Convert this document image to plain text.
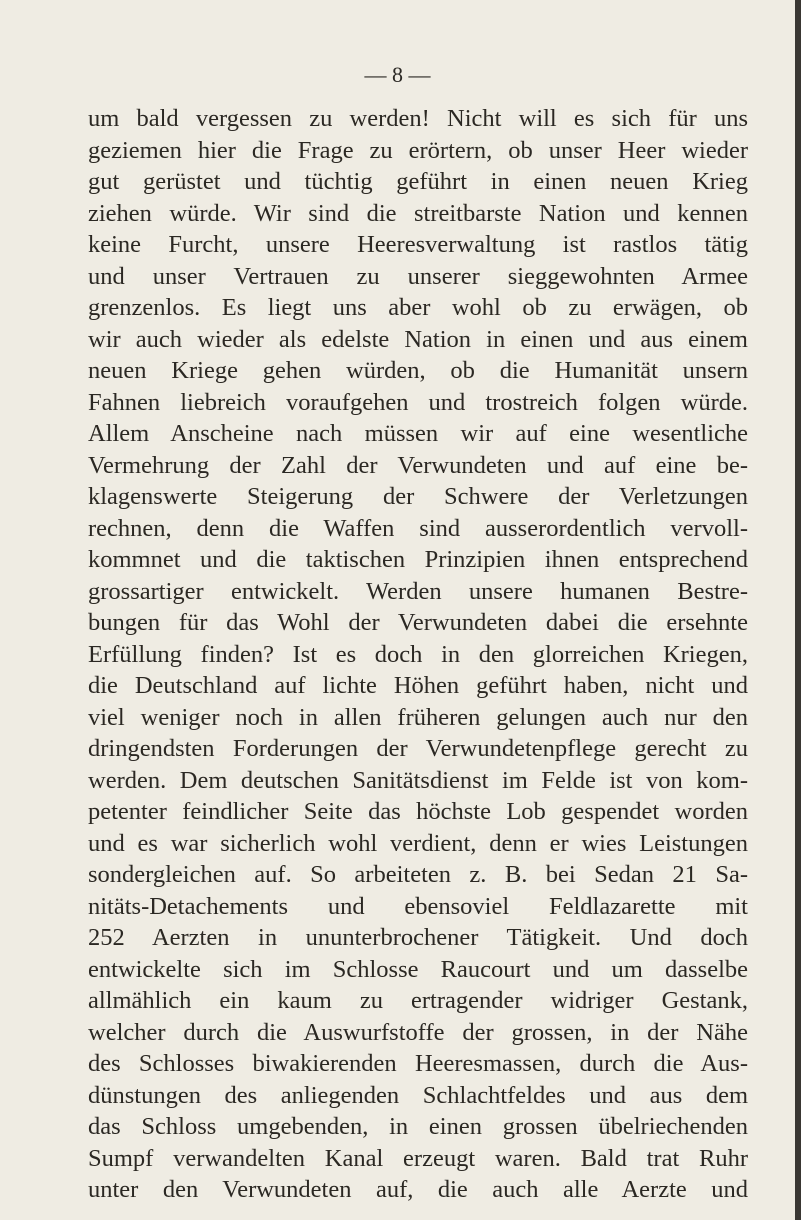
— 8 —

um bald vergessen zu werden! Nicht will es sich für uns
geziemen hier die Frage zu erörtern, ob unser Heer wieder
gut gerüstet und tüchtig geführt in einen neuen Krieg
ziehen würde. Wir sind die streitbarste Nation und kennen
keine Furcht, unsere Heeresverwaltung ist rastlos tätig
und unser Vertrauen zu unserer sieggewohnten Armee
grenzenlos. Es liegt uns aber wohl ob zu erwägen, ob
wir auch wieder als edelste Nation in einen und aus einem
neuen Kriege gehen würden, ob die Humanität unsern
Fahnen liebreich voraufgehen und trostreich folgen würde.
Allem Anscheine nach müssen wir auf eine wesentliche
Vermehrung der Zahl der Verwundeten und auf eine be-
klagenswerte Steigerung der Schwere der Verletzungen
rechnen, denn die Waffen sind ausserordentlich vervoll-
kommnet und die taktischen Prinzipien ihnen entsprechend
grossartiger entwickelt. Werden unsere humanen Bestre-
bungen für das Wohl der Verwundeten dabei die ersehnte
Erfüllung finden? Ist es doch in den glorreichen Kriegen,
die Deutschland auf lichte Höhen geführt haben, nicht und
viel weniger noch in allen früheren gelungen auch nur den
dringendsten Forderungen der Verwundetenpflege gerecht zu
werden. Dem deutschen Sanitätsdienst im Felde ist von kom-
petenter feindlicher Seite das höchste Lob gespendet worden
und es war sicherlich wohl verdient, denn er wies Leistungen
sondergleichen auf. So arbeiteten z. B. bei Sedan 21 Sa-
nitäts-Detachements und ebensoviel Feldlazarette mit
252 Aerzten in ununterbrochener Tätigkeit. Und doch
entwickelte sich im Schlosse Raucourt und um dasselbe
allmählich ein kaum zu ertragender widriger Gestank,
welcher durch die Auswurfstoffe der grossen, in der Nähe
des Schlosses biwakierenden Heeresmassen, durch die Aus-
dünstungen des anliegenden Schlachtfeldes und aus dem
das Schloss umgebenden, in einen grossen übelriechenden
Sumpf verwandelten Kanal erzeugt waren. Bald trat Ruhr
unter den Verwundeten auf, die auch alle Aerzte und
